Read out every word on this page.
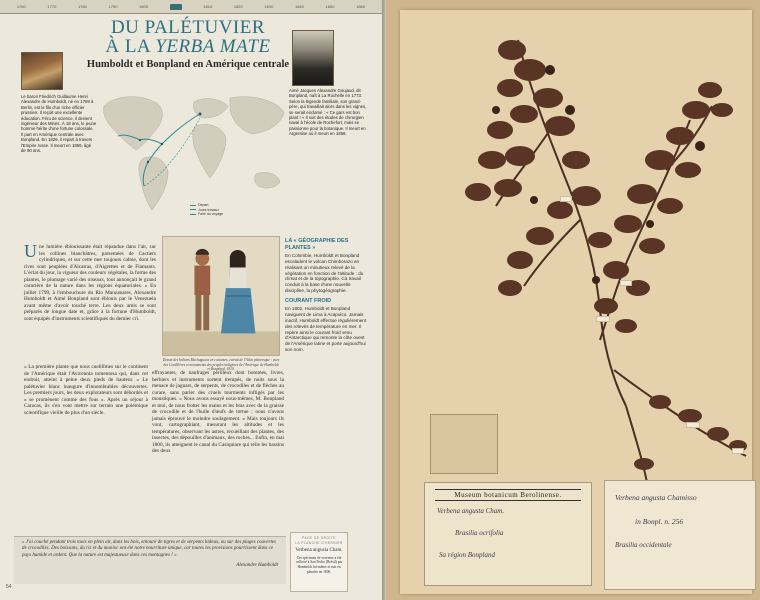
1760	1770	1780	1790	1800	1810	1820	1830	1840	1850	1860
DU PALÉTUVIER
À LA YERBA MATE
Humboldt et Bonpland en Amérique centrale

Le baron Friedrich Guillaume Henri Alexandre de Humboldt, né en 1769 à Berlin, est le fils d'un riche officier prussien. Il reçoit une excellente éducation. Féru de science, il devient ingénieur des Mines. À 18 ans, le jeune homme hérite d'une fortune colossale. Il part en Amérique centrale avec Bonpland. En 1829, il repart à travers l'Empire russe. Il meurt en 1859, âgé de 90 ans.

Aimé Jacques Alexandre Goujaud, dit Bonpland, naît à La Rochelle en 1773. Selon la légende familiale, son grand-père, qui travaillait alors dans les vignes, se serait exclamé : « Ce gars est bon plant ! » Il suit des études de chirurgien naval à l'école de Rochefort, mais se passionne pour la botanique. Il meurt en Argentine où il meurt en 1858.

Départ
Jours travaux
Faire du voyage
Une lumière éblouissante était répandue dans l'air, sur les collines blanchâtres, parsemées de Cactiers cylindriques, et sur cette mer toujours calme, dont les rives sont peuplées d'Alcatras, d'Aigrettes et de Flamants. L'éclat du jour, la vigueur des couleurs végétales, la forme des plantes, le plumage varié des oiseaux, tout annonçait le grand caractère de la nature dans les régions équatoriales. « En juillet 1799, à l'embouchure du Río Manzanares, Alexandre Humboldt et Aimé Bonpland sont éblouis par le Venezuela avant même d'avoir touché terre. Les deux amis se sont préparés de longue date et, grâce à la fortune d'Humboldt, sont équipés d'instruments scientifiques du dernier cri.

Dessin des Indiens Machaguans en costumes, extrait de l'Atlas pittoresque : vues des Cordillères et monuments des peuples indigènes de l'Amérique de Humboldt et Bonpland, 1810.

LA « GÉOGRAPHIE DES PLANTES »

En Colombie, Humboldt et Bonpland escaladent le volcan Chimborazo en réalisant un minutieux relevé de la végétation en fonction de l'altitude : du climat et de la topographie. Cà travail conduit à la base d'une nouvelle discipline, la phytogéographie.

COURANT FROID

En 1802, Humboldt et Bonpland naviguent de Lima à Acapulco. Jamais inactif, Humboldt effectue régulièrement des relevés de température en mer. Il repère ainsi le courant froid venu d'Antarctique qui remonte la côte ouest de l'Amérique latine et porte aujourd'hui son nom.

« La première plante que nous cueillîmes sur le continent de l'Amérique était l'Avicennia tomentosa qui, dans cet endroit, atteint à peine deux pieds de hauteur. » Le palétuvier blanc inaugure d'innombrables découvertes. Les premiers jours, les deux explorateurs sont débordés et « se promènent comme des fous ». Après un séjour à Caracas, ils s'en vont mettre sur terrain une polémique scientifique vieille de plus d'un siècle.
effrayantes, de naufrages périlleux dont hommes, livres, herbiers et instruments sortent trempés, de nuits sous la menace de jaguars, de serpents, de crocodiles et de flèches au curare, sans parler des cruels tourments infligés par les moustiques. « Nous avons essayé nous-mêmes, M. Bonpland et moi, de nous frotter les mains et les bras avec de la graisse de crocodile et de l'huile d'œufs de tortue ; nous n'avons jamais éprouvé le moindre soulagement. » Mais toujours ils vont, cartographiant, mesurant les altitudes et les températures, observant les astres, recueillant des plantes, des insectes, des dépouilles d'animaux, des roches... Enfin, en mai 1800, ils atteignent le canal du Casiquiare qui relie les bassins des deux
« J'ai couché pendant trois mois en plein air, dans les bois, entouré de tigres et de serpents hideux, ou sur des plages couvertes de crocodiles. Des boissons, du riz et du manioc ont été notre nourriture unique, car toutes les provisions pourrissent dans ce pays humide et ardent. Que la nature est majestueuse dans ces montagnes ! »
Alexandre Humboldt
54
PAGE DE DROITE
LA PLANCHE D'HERBIER
Verbena angusta Cham.
Cet spécimen de verveine a été collecté à San Pedro (Brésil) par Humboldt lui-même et mis en planche en 1806.
Museum botanicum Berolinense.
Verbena angusta Cham.
Brasilia ocrifolia
Sa région Bonpland
Verbena angusta Chamisso
in Bonpl. n. 256
Brasilia occidentale
